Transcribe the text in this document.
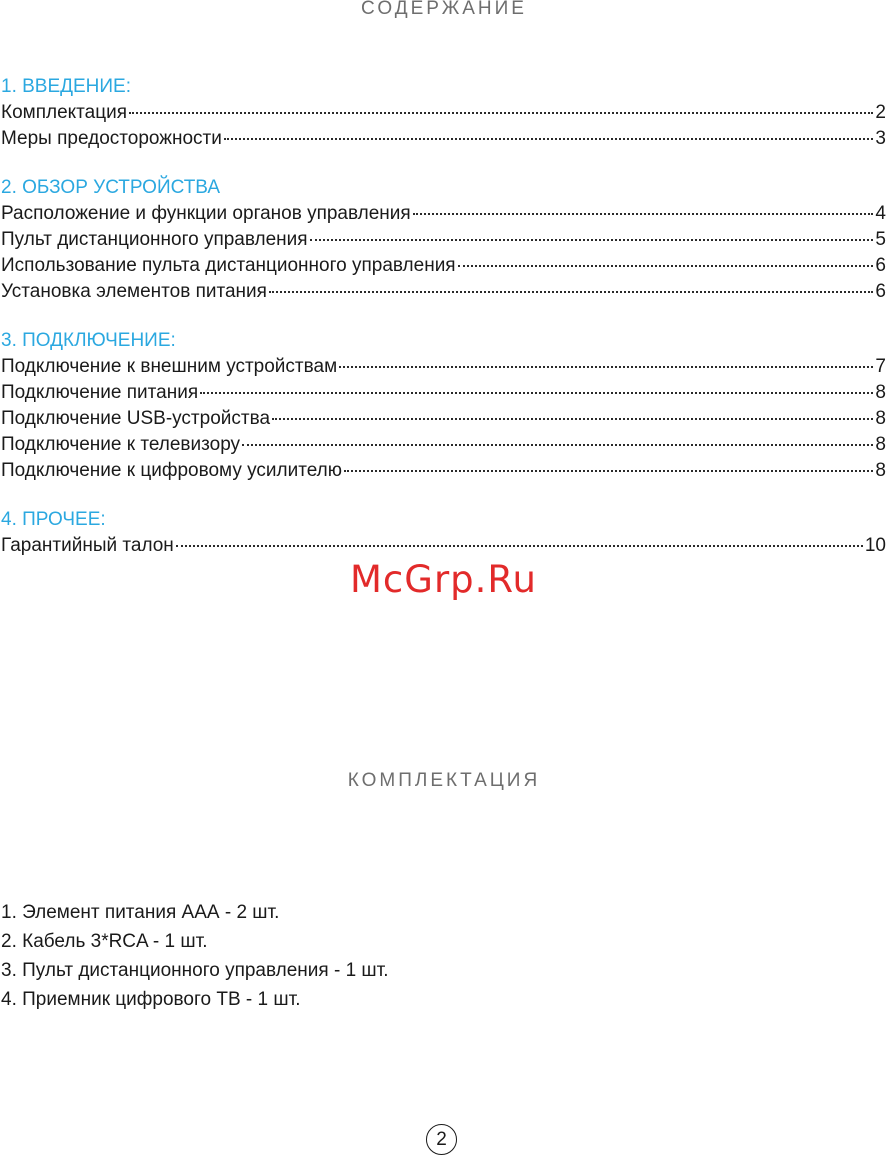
СОДЕРЖАНИЕ
1. ВВЕДЕНИЕ:
Комплектация	2
Меры предосторожности	3
2. ОБЗОР УСТРОЙСТВА
Расположение и функции органов управления	4
Пульт дистанционного управления	5
Использование пульта дистанционного управления	6
Установка элементов питания	6
3. ПОДКЛЮЧЕНИЕ:
Подключение к внешним устройствам	7
Подключение питания	8
Подключение USB-устройства	8
Подключение к телевизору	8
Подключение к цифровому усилителю	8
4. ПРОЧЕЕ:
Гарантийный талон	10
McGrp.Ru
КОМПЛЕКТАЦИЯ
1. Элемент питания ААА - 2 шт.
2. Кабель 3*RCA - 1 шт.
3. Пульт дистанционного управления - 1 шт.
4. Приемник цифрового ТВ - 1 шт.
2
